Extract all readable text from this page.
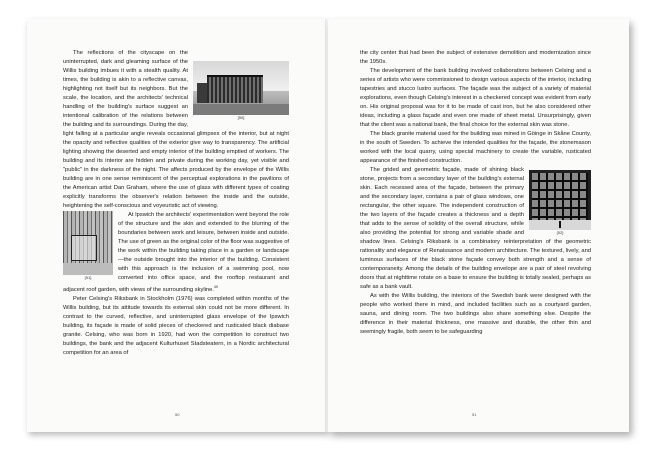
[50]

The reflections of the cityscape on the uninterrupted, dark and gleaming surface of the Willis building imbues it with a stealth quality. At times, the building is akin to a reflective canvas, highlighting not itself but its neighbors. But the scale, the location, and the architects' technical handling of the building's surface suggest an intentional calibration of the relations between the building and its surroundings. During the day, light falling at a particular angle reveals occasional glimpses of the interior, but at night the opacity and reflective qualities of the exterior give way to transparency. The artificial lighting showing the deserted and empty interior of the building emptied of workers. The building and its interior are hidden and private during the working day, yet visible and "public" in the darkness of the night. The affects produced by the envelope of the Willis building are in one sense reminiscent of the perceptual explorations in the pavilions of the American artist Dan Graham, where the use of glass with different types of coating explicitly transforms the observer's relation between the inside and the outside, heightening the self-conscious and voyeuristic act of viewing.

[51]

At Ipswich the architects' experimentation went beyond the role of the structure and the skin and extended to the blurring of the boundaries between work and leisure, between inside and outside. The use of green as the original color of the floor was suggestive of the work within the building taking place in a garden or landscape—the outside brought into the interior of the building. Consistent with this approach is the inclusion of a swimming pool, now converted into office space, and the rooftop restaurant and adjacent roof garden, with views of the surrounding skyline.$^{49}$

Peter Celsing's Riksbank in Stockholm (1976) was completed within months of the Willis building, but its attitude towards its external skin could not be more different. In contrast to the curved, reflective, and uninterrupted glass envelope of the Ipswich building, its façade is made of solid pieces of checkered and rusticated black diabase granite. Celsing, who was born in 1920, had won the competition to construct two buildings, the bank and the adjacent Kulturhuset Stadsteatern, in a Nordic architectural competition for an area of

50

the city center that had been the subject of extensive demolition and modernization since the 1950s.

The development of the bank building involved collaborations between Celsing and a series of artists who were commissioned to design various aspects of the interior, including tapestries and stucco lustro surfaces. The façade was the subject of a variety of material explorations, even though Celsing's interest in a checkered concept was evident from early on. His original proposal was for it to be made of cast iron, but he also considered other ideas, including a glass façade and even one made of sheet metal. Unsurprisingly, given that the client was a national bank, the final choice for the external skin was stone.

The black granite material used for the building was mined in Göinge in Skåne County, in the south of Sweden. To achieve the intended qualities for the façade, the stonemason worked with the local quarry, using special machinery to create the variable, rusticated appearance of the finished construction.

[52]

The grided and geometric façade, made of shining black stone, projects from a secondary layer of the building's external skin. Each recessed area of the façade, between the primary and the secondary layer, contains a pair of glass windows, one rectangular, the other square. The independent construction of the two layers of the façade creates a thickness and a depth that adds to the sense of solidity of the overall structure, while also providing the potential for strong and variable shade and shadow lines. Celsing's Riksbank is a combinatory reinterpretation of the geometric rationality and elegance of Renaissance and modern architecture. The textured, lively, and luminous surfaces of the black stone façade convey both strength and a sense of contemporaneity. Among the details of the building envelope are a pair of steel revolving doors that at nighttime rotate on a base to ensure the building is totally sealed, perhaps as safe as a bank vault.

As with the Willis building, the interiors of the Swedish bank were designed with the people who worked there in mind, and included facilities such as a courtyard garden, sauna, and dining room. The two buildings also share something else. Despite the difference in their material thickness, one massive and durable, the other thin and seemingly fragile, both seem to be safeguarding

51
